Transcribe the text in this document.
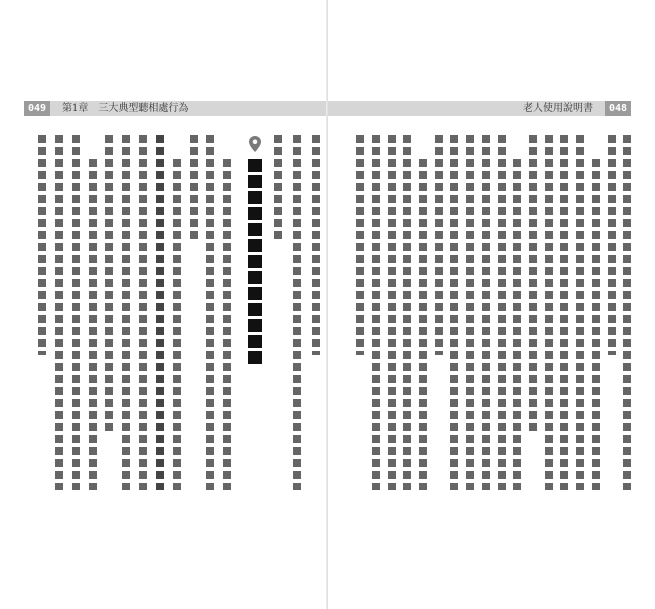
049	第1章　三大典型聽相處行為	048
老人使用說明書
